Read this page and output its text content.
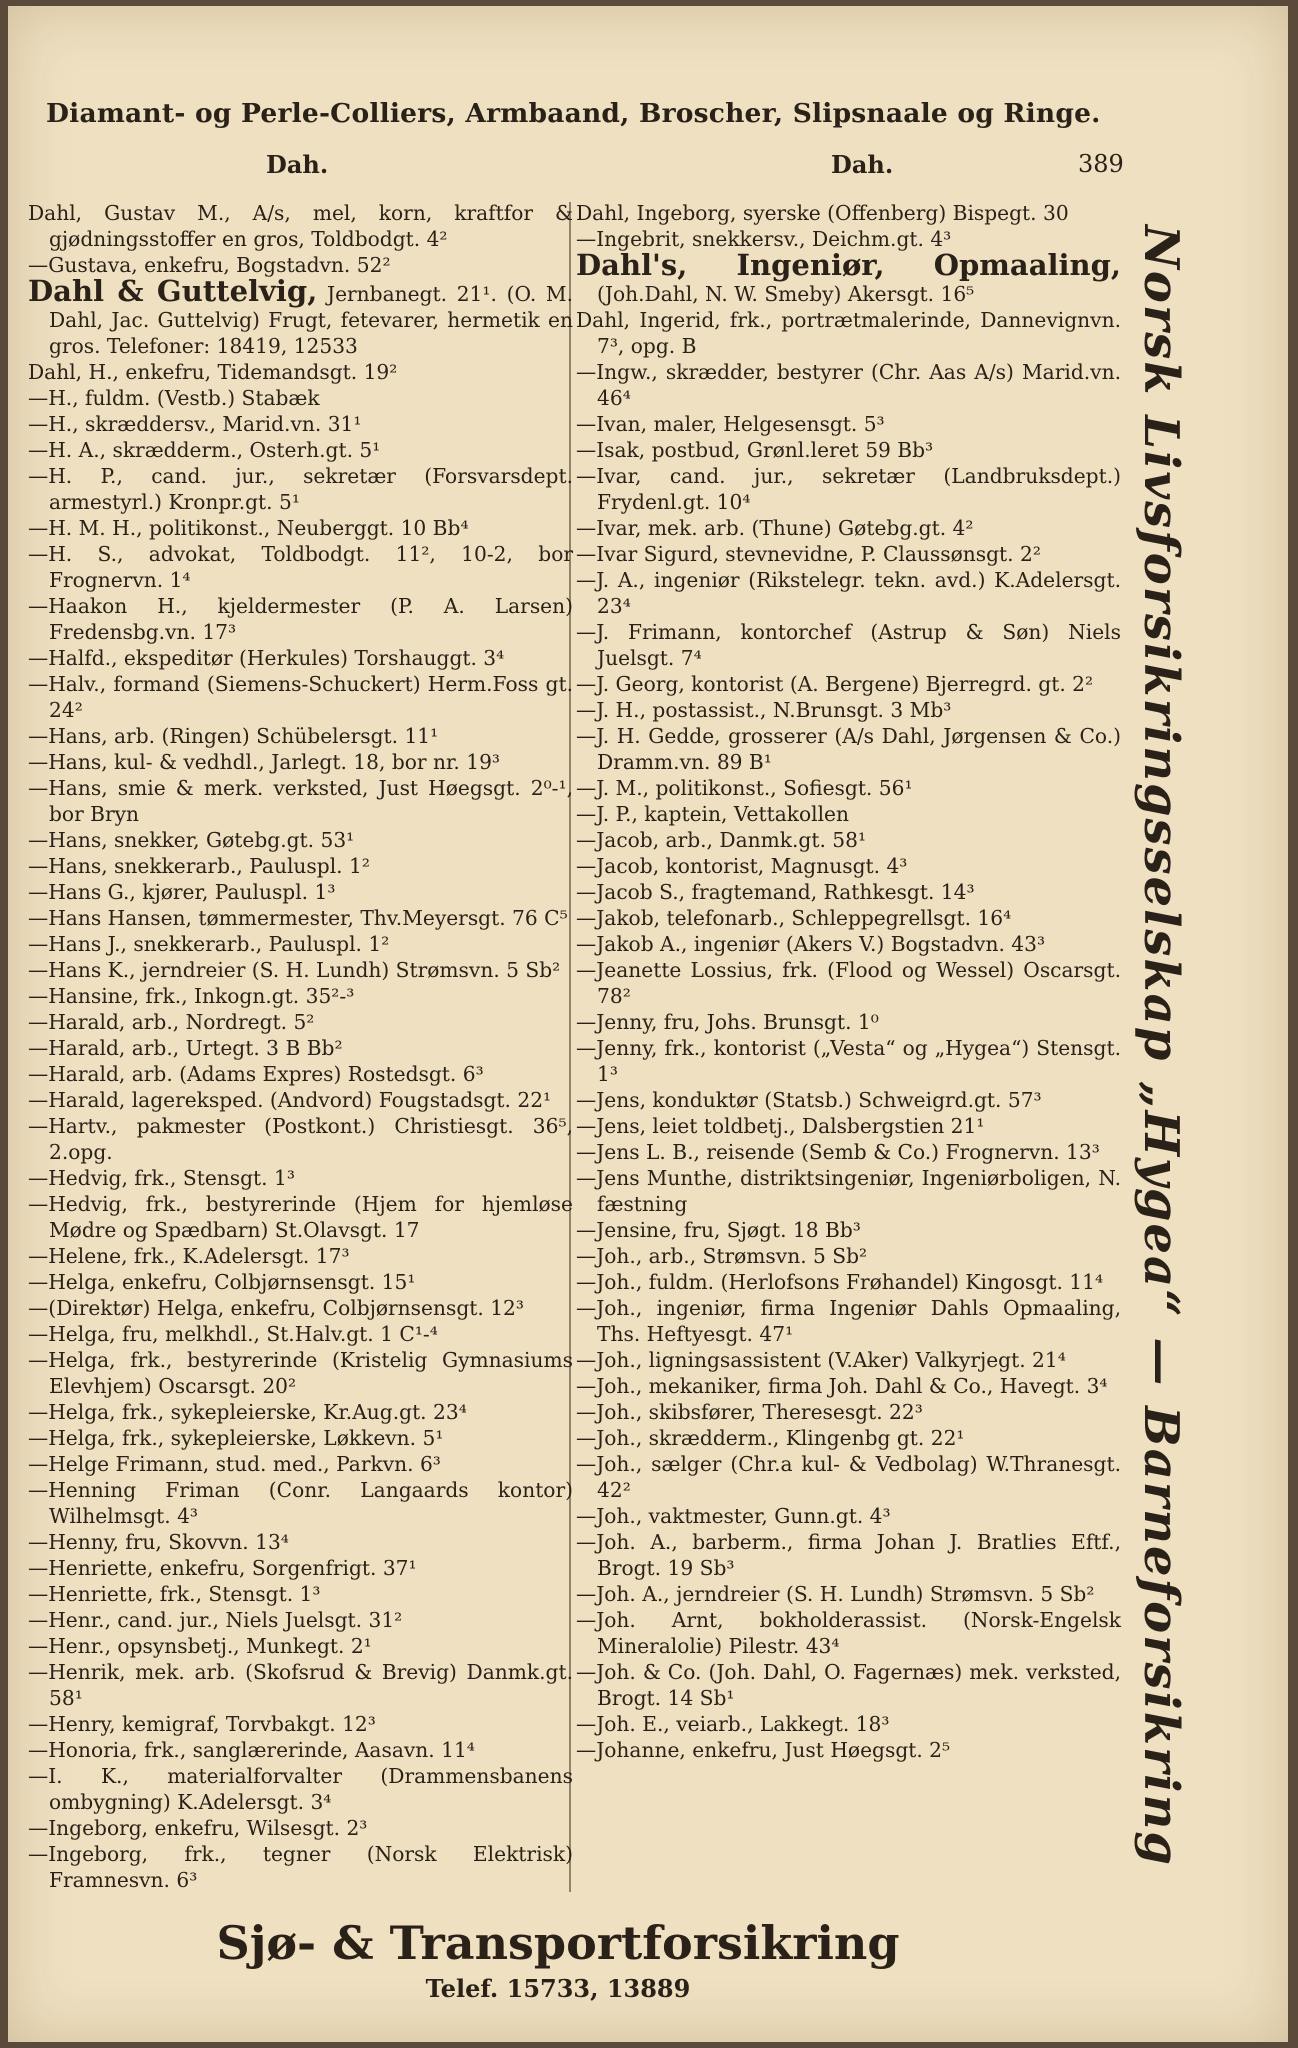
Diamant- og Perle-Colliers, Armbaand, Broscher, Slipsnaale og Ringe.
Dah.	Dah.	389

Dahl, Gustav M., A/s, mel, korn, kraftfor & gjødningsstoffer en gros, Toldbodgt. 4²

—Gustava, enkefru, Bogstadvn. 52²

Dahl & Guttelvig, Jernbanegt. 21¹. (O. M. Dahl, Jac. Guttelvig) Frugt, fetevarer, hermetik en gros. Telefoner: 18419, 12533

Dahl, H., enkefru, Tidemandsgt. 19²

—H., fuldm. (Vestb.) Stabæk

—H., skræddersv., Marid.vn. 31¹

—H. A., skrædderm., Osterh.gt. 5¹

—H. P., cand. jur., sekretær (Forsvarsdept. armestyrl.) Kronpr.gt. 5¹

—H. M. H., politikonst., Neuberggt. 10 Bb⁴

—H. S., advokat, Toldbodgt. 11², 10-2, bor Frognervn. 1⁴

—Haakon H., kjeldermester (P. A. Larsen) Fredensbg.vn. 17³

—Halfd., ekspeditør (Herkules) Torshauggt. 3⁴

—Halv., formand (Siemens-Schuckert) Herm.Foss gt. 24²

—Hans, arb. (Ringen) Schübelersgt. 11¹

—Hans, kul- & vedhdl., Jarlegt. 18, bor nr. 19³

—Hans, smie & merk. verksted, Just Høegsgt. 2⁰-¹, bor Bryn

—Hans, snekker, Gøtebg.gt. 53¹

—Hans, snekkerarb., Pauluspl. 1²

—Hans G., kjører, Pauluspl. 1³

—Hans Hansen, tømmermester, Thv.Meyersgt. 76 C⁵

—Hans J., snekkerarb., Pauluspl. 1²

—Hans K., jerndreier (S. H. Lundh) Strømsvn. 5 Sb²

—Hansine, frk., Inkogn.gt. 35²-³

—Harald, arb., Nordregt. 5²

—Harald, arb., Urtegt. 3 B Bb²

—Harald, arb. (Adams Expres) Rostedsgt. 6³

—Harald, lagereksped. (Andvord) Fougstadsgt. 22¹

—Hartv., pakmester (Postkont.) Christiesgt. 36⁵, 2.opg.

—Hedvig, frk., Stensgt. 1³

—Hedvig, frk., bestyrerinde (Hjem for hjemløse Mødre og Spædbarn) St.Olavsgt. 17

—Helene, frk., K.Adelersgt. 17³

—Helga, enkefru, Colbjørnsensgt. 15¹

—(Direktør) Helga, enkefru, Colbjørnsensgt. 12³

—Helga, fru, melkhdl., St.Halv.gt. 1 C¹-⁴

—Helga, frk., bestyrerinde (Kristelig Gymnasiums Elevhjem) Oscarsgt. 20²

—Helga, frk., sykepleierske, Kr.Aug.gt. 23⁴

—Helga, frk., sykepleierske, Løkkevn. 5¹

—Helge Frimann, stud. med., Parkvn. 6³

—Henning Friman (Conr. Langaards kontor) Wilhelmsgt. 4³

—Henny, fru, Skovvn. 13⁴

—Henriette, enkefru, Sorgenfrigt. 37¹

—Henriette, frk., Stensgt. 1³

—Henr., cand. jur., Niels Juelsgt. 31²

—Henr., opsynsbetj., Munkegt. 2¹

—Henrik, mek. arb. (Skofsrud & Brevig) Danmk.gt. 58¹

—Henry, kemigraf, Torvbakgt. 12³

—Honoria, frk., sanglærerinde, Aasavn. 11⁴

—I. K., materialforvalter (Drammensbanens ombygning) K.Adelersgt. 3⁴

—Ingeborg, enkefru, Wilsesgt. 2³

—Ingeborg, frk., tegner (Norsk Elektrisk) Framnesvn. 6³

Dahl, Ingeborg, syerske (Offenberg) Bispegt. 30

—Ingebrit, snekkersv., Deichm.gt. 4³

Dahl's, Ingeniør, Opmaaling, (Joh.Dahl, N. W. Smeby) Akersgt. 16⁵

Dahl, Ingerid, frk., portrætmalerinde, Dannevignvn. 7³, opg. B

—Ingw., skrædder, bestyrer (Chr. Aas A/s) Marid.vn. 46⁴

—Ivan, maler, Helgesensgt. 5³

—Isak, postbud, Grønl.leret 59 Bb³

—Ivar, cand. jur., sekretær (Landbruksdept.) Frydenl.gt. 10⁴

—Ivar, mek. arb. (Thune) Gøtebg.gt. 4²

—Ivar Sigurd, stevnevidne, P. Claussønsgt. 2²

—J. A., ingeniør (Rikstelegr. tekn. avd.) K.Adelersgt. 23⁴

—J. Frimann, kontorchef (Astrup & Søn) Niels Juelsgt. 7⁴

—J. Georg, kontorist (A. Bergene) Bjerregrd. gt. 2²

—J. H., postassist., N.Brunsgt. 3 Mb³

—J. H. Gedde, grosserer (A/s Dahl, Jørgensen & Co.) Dramm.vn. 89 B¹

—J. M., politikonst., Sofiesgt. 56¹

—J. P., kaptein, Vettakollen

—Jacob, arb., Danmk.gt. 58¹

—Jacob, kontorist, Magnusgt. 4³

—Jacob S., fragtemand, Rathkesgt. 14³

—Jakob, telefonarb., Schleppegrellsgt. 16⁴

—Jakob A., ingeniør (Akers V.) Bogstadvn. 43³

—Jeanette Lossius, frk. (Flood og Wessel) Oscarsgt. 78²

—Jenny, fru, Johs. Brunsgt. 1⁰

—Jenny, frk., kontorist („Vesta“ og „Hygea“) Stensgt. 1³

—Jens, konduktør (Statsb.) Schweigrd.gt. 57³

—Jens, leiet toldbetj., Dalsbergstien 21¹

—Jens L. B., reisende (Semb & Co.) Frognervn. 13³

—Jens Munthe, distriktsingeniør, Ingeniørboligen, N. fæstning

—Jensine, fru, Sjøgt. 18 Bb³

—Joh., arb., Strømsvn. 5 Sb²

—Joh., fuldm. (Herlofsons Frøhandel) Kingosgt. 11⁴

—Joh., ingeniør, firma Ingeniør Dahls Opmaaling, Ths. Heftyesgt. 47¹

—Joh., ligningsassistent (V.Aker) Valkyrjegt. 21⁴

—Joh., mekaniker, firma Joh. Dahl & Co., Havegt. 3⁴

—Joh., skibsfører, Theresesgt. 22³

—Joh., skrædderm., Klingenbg gt. 22¹

—Joh., sælger (Chr.a kul- & Vedbolag) W.Thranesgt. 42²

—Joh., vaktmester, Gunn.gt. 4³

—Joh. A., barberm., firma Johan J. Bratlies Eftf., Brogt. 19 Sb³

—Joh. A., jerndreier (S. H. Lundh) Strømsvn. 5 Sb²

—Joh. Arnt, bokholderassist. (Norsk-Engelsk Mineralolie) Pilestr. 43⁴

—Joh. & Co. (Joh. Dahl, O. Fagernæs) mek. verksted, Brogt. 14 Sb¹

—Joh. E., veiarb., Lakkegt. 18³

—Johanne, enkefru, Just Høegsgt. 2⁵	Norsk Livsforsikringsselskap „Hygea“ — Barneforsikring
Sjø- & Transportforsikring
Telef. 15733, 13889
